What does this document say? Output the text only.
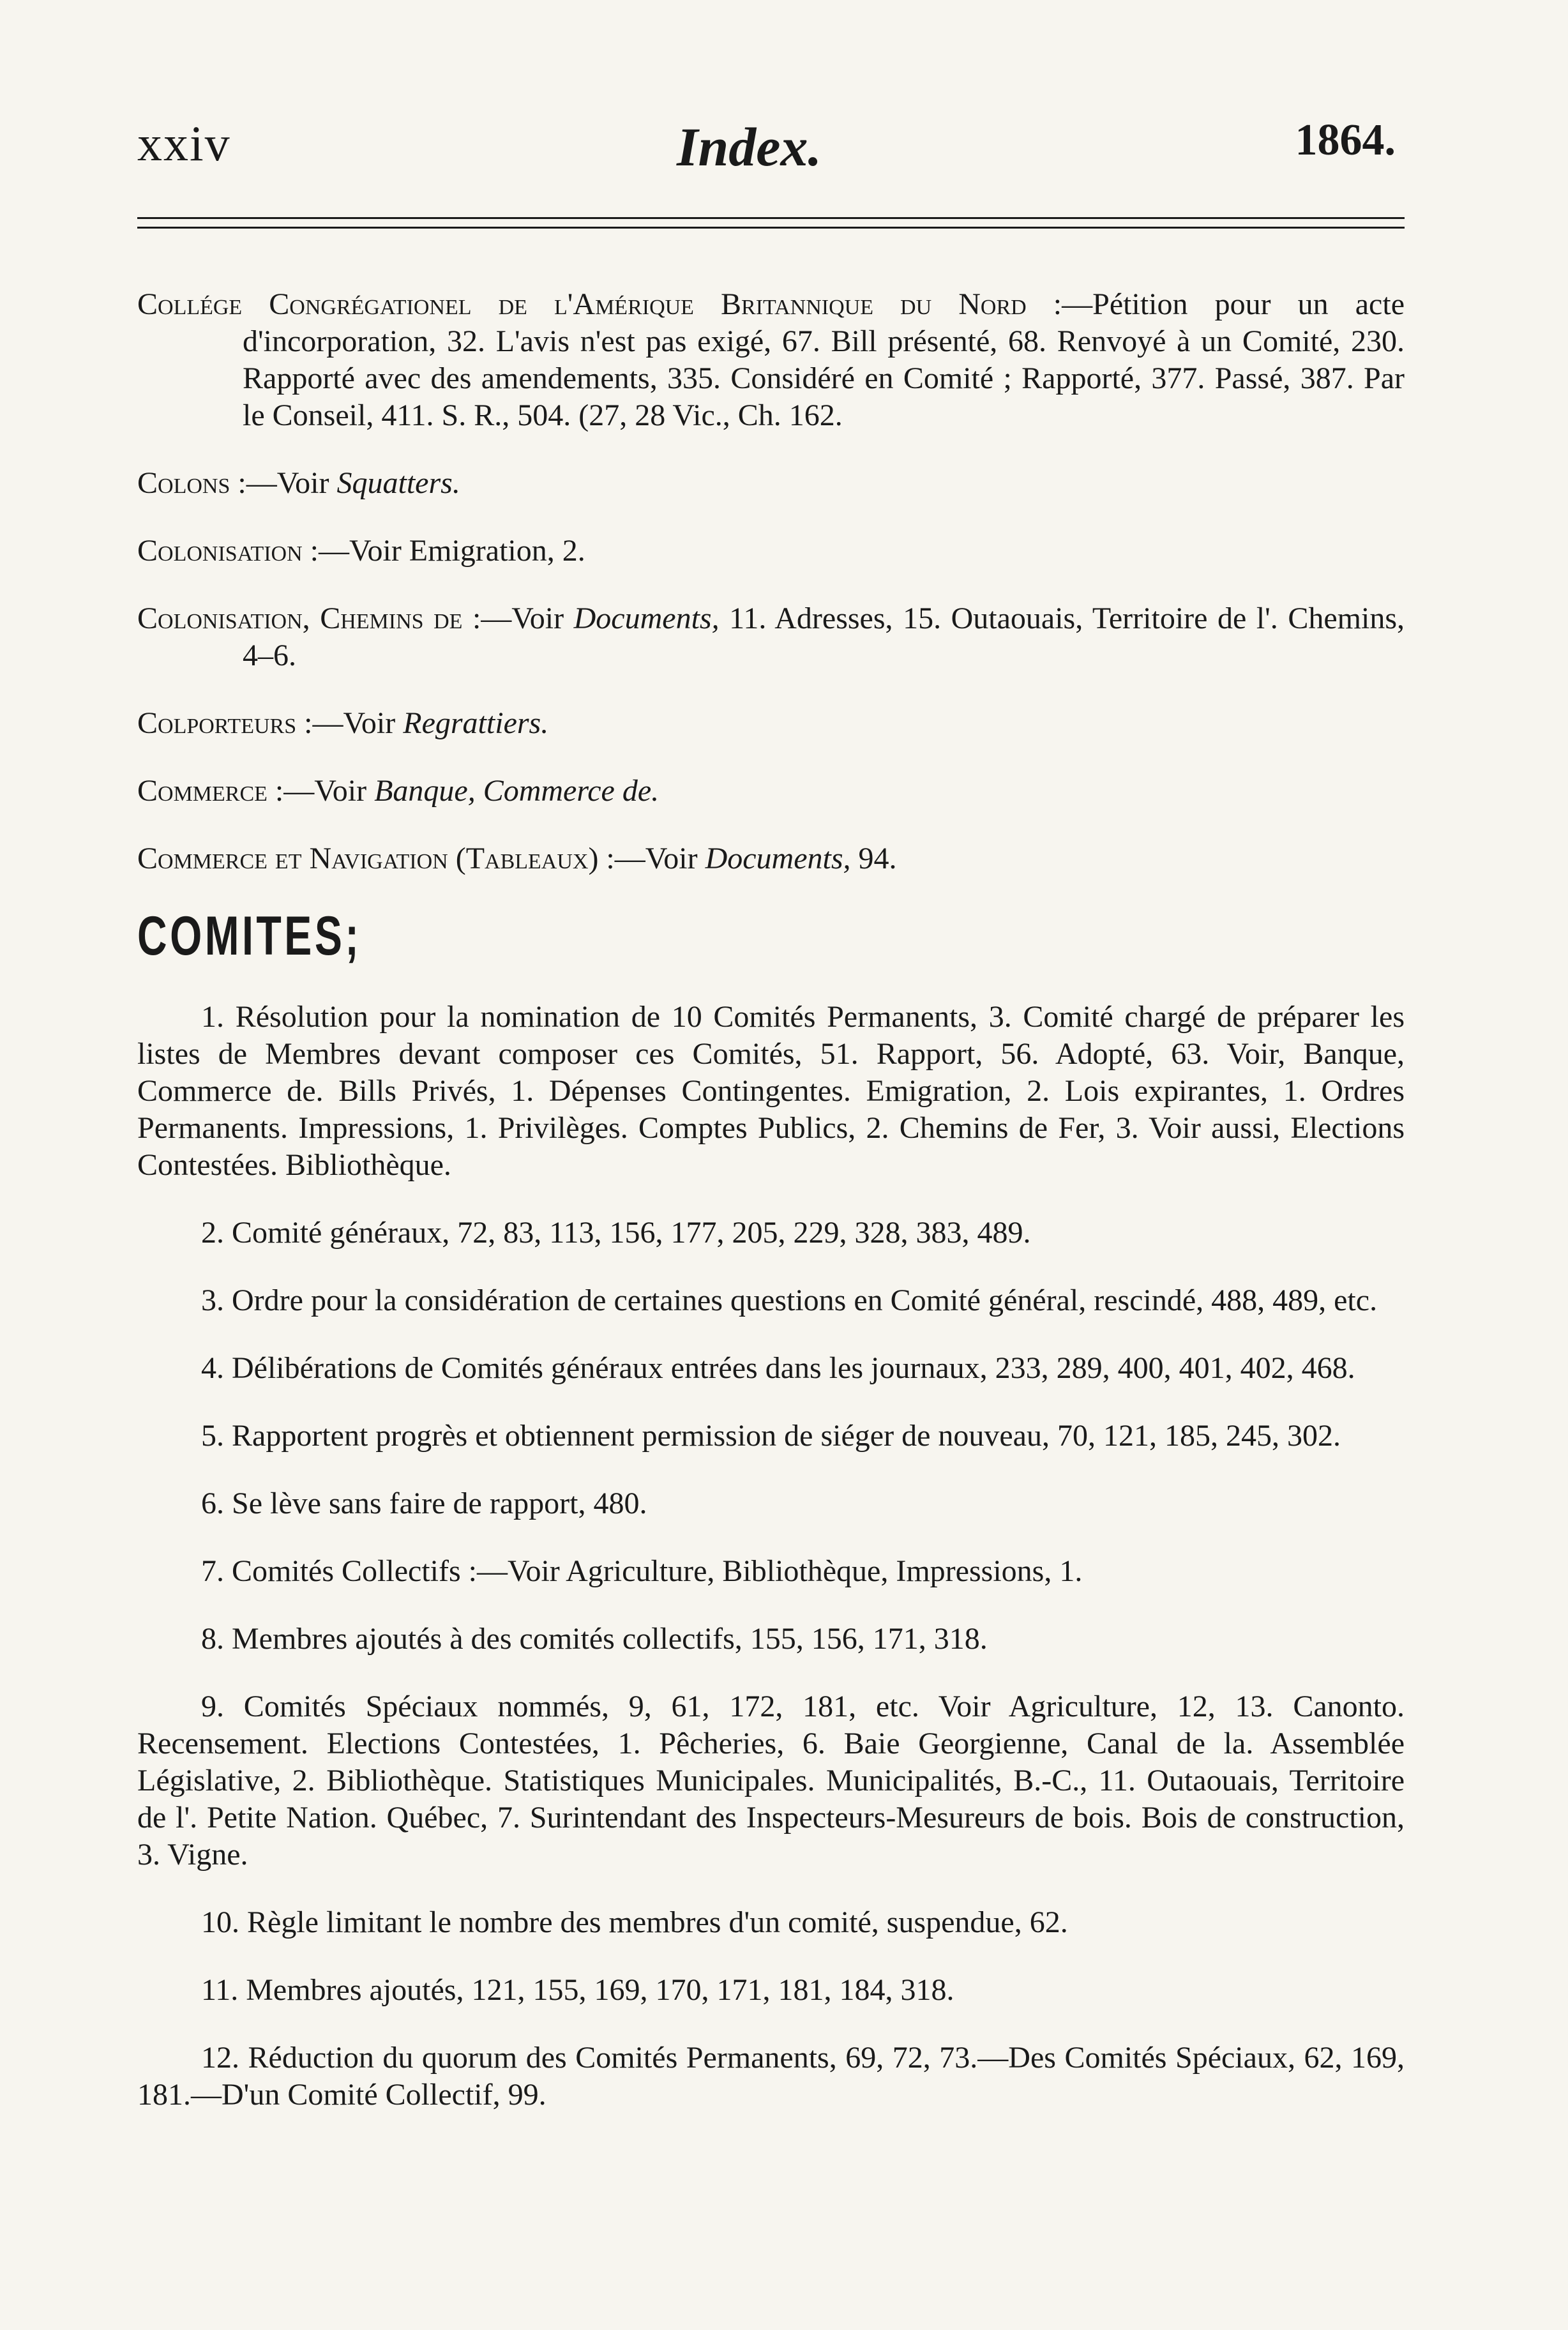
xxiv	Index.	1864.

Collége Congrégationel de l'Amérique Britannique du Nord :—Pétition pour un acte d'incorporation, 32. L'avis n'est pas exigé, 67. Bill présenté, 68. Renvoyé à un Comité, 230. Rapporté avec des amendements, 335. Considéré en Comité ; Rapporté, 377. Passé, 387. Par le Conseil, 411. S. R., 504. (27, 28 Vic., Ch. 162.

Colons :—Voir Squatters.

Colonisation :—Voir Emigration, 2.

Colonisation, Chemins de :—Voir Documents, 11. Adresses, 15. Outaouais, Territoire de l'. Chemins, 4–6.

Colporteurs :—Voir Regrattiers.

Commerce :—Voir Banque, Commerce de.

Commerce et Navigation (Tableaux) :—Voir Documents, 94.

COMITES;

1. Résolution pour la nomination de 10 Comités Permanents, 3. Comité chargé de préparer les listes de Membres devant composer ces Comités, 51. Rapport, 56. Adopté, 63. Voir, Banque, Commerce de. Bills Privés, 1. Dépenses Contingentes. Emigration, 2. Lois expirantes, 1. Ordres Permanents. Impressions, 1. Privilèges. Comptes Publics, 2. Chemins de Fer, 3. Voir aussi, Elections Contestées. Bibliothèque.

2. Comité généraux, 72, 83, 113, 156, 177, 205, 229, 328, 383, 489.

3. Ordre pour la considération de certaines questions en Comité général, rescindé, 488, 489, etc.

4. Délibérations de Comités généraux entrées dans les journaux, 233, 289, 400, 401, 402, 468.

5. Rapportent progrès et obtiennent permission de siéger de nouveau, 70, 121, 185, 245, 302.

6. Se lève sans faire de rapport, 480.

7. Comités Collectifs :—Voir Agriculture, Bibliothèque, Impressions, 1.

8. Membres ajoutés à des comités collectifs, 155, 156, 171, 318.

9. Comités Spéciaux nommés, 9, 61, 172, 181, etc. Voir Agriculture, 12, 13. Canonto. Recensement. Elections Contestées, 1. Pêcheries, 6. Baie Georgienne, Canal de la. Assemblée Législative, 2. Bibliothèque. Statistiques Municipales. Municipalités, B.-C., 11. Outaouais, Territoire de l'. Petite Nation. Québec, 7. Surintendant des Inspecteurs-Mesureurs de bois. Bois de construction, 3. Vigne.

10. Règle limitant le nombre des membres d'un comité, suspendue, 62.

11. Membres ajoutés, 121, 155, 169, 170, 171, 181, 184, 318.

12. Réduction du quorum des Comités Permanents, 69, 72, 73.—Des Comités Spéciaux, 62, 169, 181.—D'un Comité Collectif, 99.
